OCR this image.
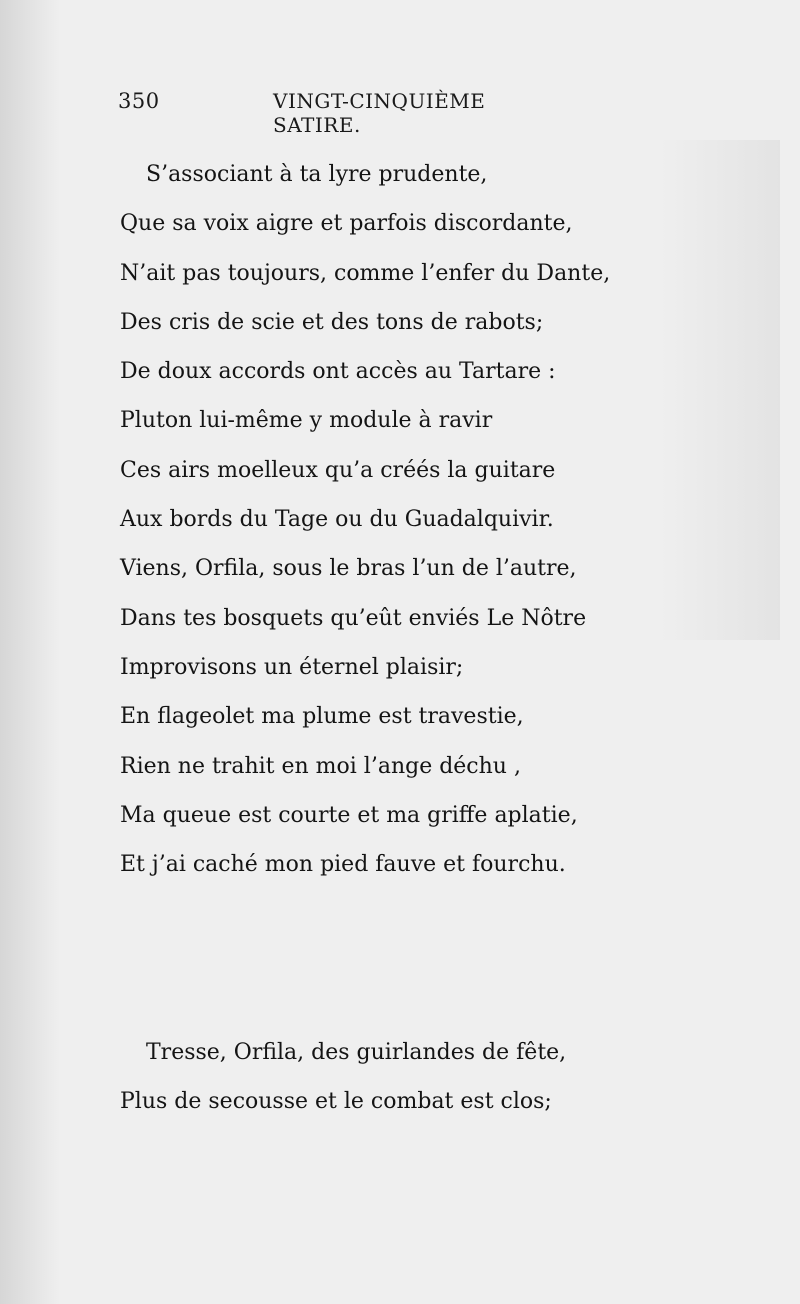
350	VINGT-CINQUIÈME SATIRE.
S’associant à ta lyre prudente,
Que sa voix aigre et parfois discordante,
N’ait pas toujours, comme l’enfer du Dante,
Des cris de scie et des tons de rabots;
De doux accords ont accès au Tartare :
Pluton lui-même y module à ravir
Ces airs moelleux qu’a créés la guitare
Aux bords du Tage ou du Guadalquivir.
Viens, Orfila, sous le bras l’un de l’autre,
Dans tes bosquets qu’eût enviés Le Nôtre
Improvisons un éternel plaisir;
En flageolet ma plume est travestie,
Rien ne trahit en moi l’ange déchu ,
Ma queue est courte et ma griffe aplatie,
Et j’ai caché mon pied fauve et fourchu.
Tresse, Orfila, des guirlandes de fête,
Plus de secousse et le combat est clos;
